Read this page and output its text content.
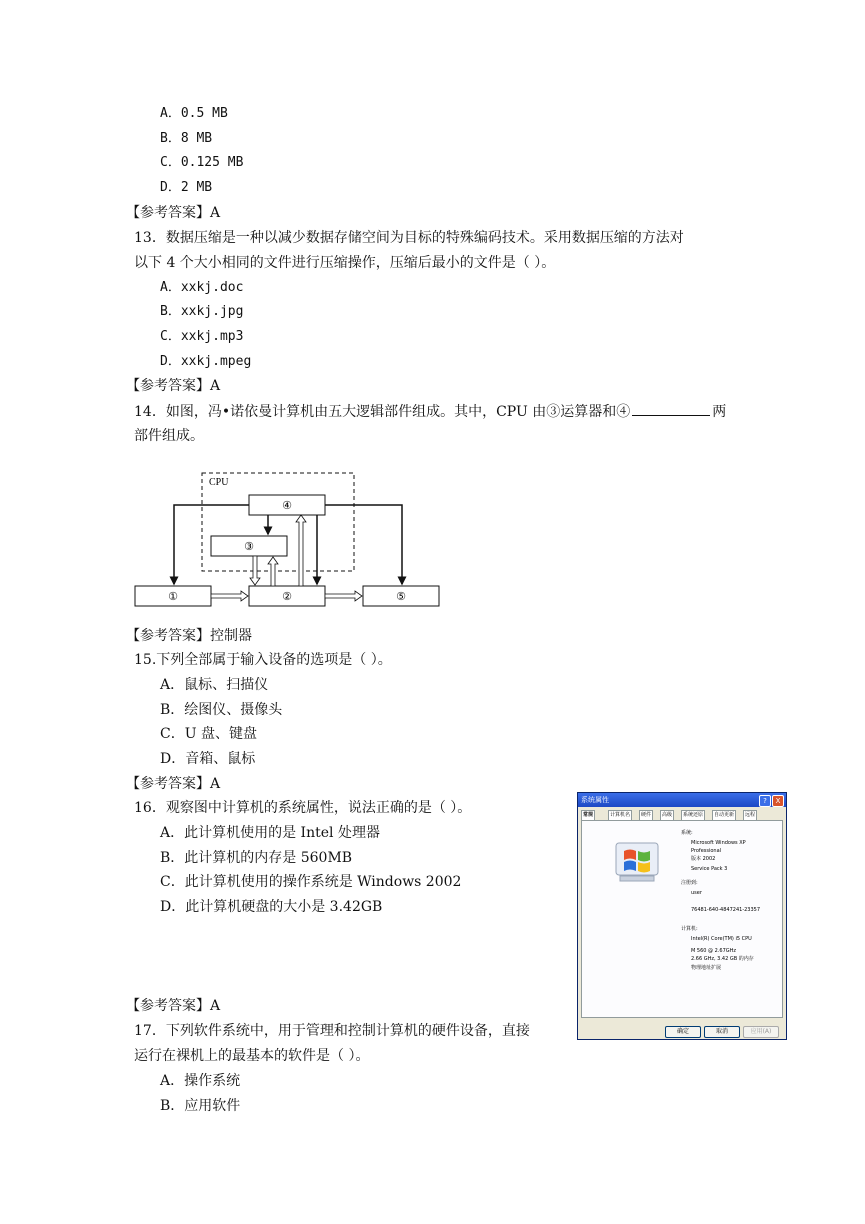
A．0.5 MB
B．8 MB
C．0.125 MB
D．2 MB
【参考答案】A
13．数据压缩是一种以减少数据存储空间为目标的特殊编码技术。采用数据压缩的方法对
以下 4 个大小相同的文件进行压缩操作，压缩后最小的文件是（ ）。
A．xxkj.doc
B．xxkj.jpg
C．xxkj.mp3
D．xxkj.mpeg
【参考答案】A
14．如图，冯•诺依曼计算机由五大逻辑部件组成。其中，CPU 由③运算器和④	两
部件组成。
CPU
④
③
①	②	⑤
【参考答案】控制器
15.下列全部属于输入设备的选项是（ ）。
A．鼠标、扫描仪
B．绘图仪、摄像头
C．U 盘、键盘
D．音箱、鼠标
【参考答案】A
16．观察图中计算机的系统属性，说法正确的是（ ）。
A．此计算机使用的是 Intel 处理器
B．此计算机的内存是 560MB
C．此计算机使用的操作系统是 Windows 2002
D．此计算机硬盘的大小是 3.42GB
【参考答案】A
系统属性	?	X
常规	计算机名	硬件	高级	系统还原	自动更新	远程
系统:
Microsoft Windows XP
Professional
版本 2002
Service Pack 3
注册到:
user
76481-640-4847241-23357
计算机:
Intel(R) Core(TM) i5 CPU
M 560 @ 2.67GHz
2.66 GHz, 3.42 GB 的内存
物理地址扩展
确定	取消	应用(A)
17．下列软件系统中，用于管理和控制计算机的硬件设备，直接
运行在裸机上的最基本的软件是（ ）。
A．操作系统
B．应用软件
